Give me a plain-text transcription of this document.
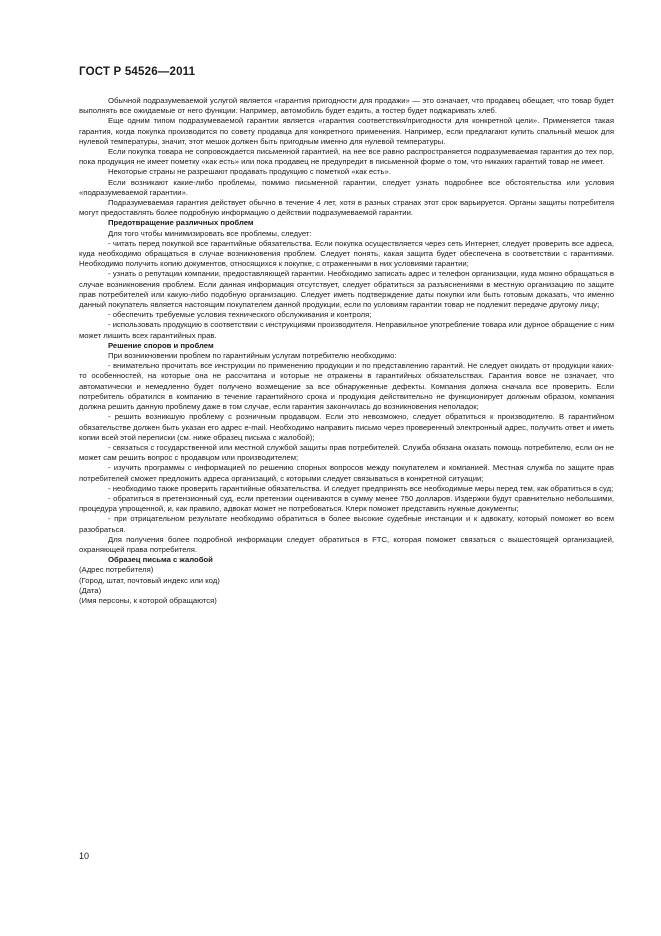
ГОСТ Р 54526—2011

Обычной подразумеваемой услугой является «гарантия пригодности для продажи» — это означает, что продавец обещает, что товар будет выполнять все ожидаемые от него функции. Например, автомобиль будет ездить, а тостер будет поджаривать хлеб.

Еще одним типом подразумеваемой гарантии является «гарантия соответствия/пригодности для конкретной цели». Применяется такая гарантия, когда покупка производится по совету продавца для конкретного применения. Например, если предлагают купить спальный мешок для нулевой температуры, значит, этот мешок должен быть пригодным именно для нулевой температуры.

Если покупка товара не сопровождается письменной гарантией, на нее все равно распространяется подразумеваемая гарантия до тех пор, пока продукция не имеет пометку «как есть» или пока продавец не предупредит в письменной форме о том, что никаких гарантий товар не имеет.

Некоторые страны не разрешают продавать продукцию с пометкой «как есть».

Если возникают какие-либо проблемы, помимо письменной гарантии, следует узнать подробнее все обстоятельства или условия «подразумеваемой гарантии».

Подразумеваемая гарантия действует обычно в течение 4 лет, хотя в разных странах этот срок варьируется. Органы защиты потребителя могут предоставлять более подробную информацию о действии подразумеваемой гарантии.

Предотвращение различных проблем

Для того чтобы минимизировать все проблемы, следует:

- читать перед покупкой все гарантийные обязательства. Если покупка осуществляется через сеть Интернет, следует проверить все адреса, куда необходимо обращаться в случае возникновения проблем. Следует понять, какая защита будет обеспечена в соответствии с гарантиями. Необходимо получить копию документов, относящихся к покупке, с отраженными в них условиями гарантии;

- узнать о репутации компании, предоставляющей гарантии. Необходимо записать адрес и телефон организации, куда можно обращаться в случае возникновения проблем. Если данная информация отсутствует, следует обратиться за разъяснениями в местную организацию по защите прав потребителей или какую-либо подобную организацию. Следует иметь подтверждение даты покупки или быть готовым доказать, что именно данный покупатель является настоящим покупателем данной продукции, если по условиям гарантии товар не подлежит передаче другому лицу;

- обеспечить требуемые условия технического обслуживания и контроля;

- использовать продукцию в соответствии с инструкциями производителя. Неправильное употребление товара или дурное обращение с ним может лишить всех гарантийных прав.

Решение споров и проблем

При возникновении проблем по гарантийным услугам потребителю необходимо:

- внимательно прочитать все инструкции по применению продукции и по представлению гарантий. Не следует ожидать от продукции каких-то особенностей, на которые она не рассчитана и которые не отражены в гарантийных обязательствах. Гарантия вовсе не означает, что автоматически и немедленно будет получено возмещение за все обнаруженные дефекты. Компания должна сначала все проверить. Если потребитель обратился в компанию в течение гарантийного срока и продукция действительно не функционирует должным образом, компания должна решить данную проблему даже в том случае, если гарантия закончилась до возникновения неполадок;

- решить возникшую проблему с розничным продавцом. Если это невозможно, следует обратиться к производителю. В гарантийном обязательстве должен быть указан его адрес e-mail. Необходимо направить письмо через проверенный электронный адрес, получить ответ и иметь копии всей этой переписки (см. ниже образец письма с жалобой);

- связаться с государственной или местной службой защиты прав потребителей. Служба обязана оказать помощь потребителю, если он не может сам решить вопрос с продавцом или производителем;

- изучить программы с информацией по решению спорных вопросов между покупателем и компанией. Местная служба по защите прав потребителей сможет предложить адреса организаций, с которыми следует связываться в конкретной ситуации;

- необходимо также проверить гарантийные обязательства. И следует предпринять все необходимые меры перед тем, как обратиться в суд;

- обратиться в претензионный суд, если претензии оцениваются в сумму менее 750 долларов. Издержки будут сравнительно небольшими, процедура упрощенной, и, как правило, адвокат может не потребоваться. Клерк поможет представить нужные документы;

- при отрицательном результате необходимо обратиться в более высокие судебные инстанции и к адвокату, который поможет во всем разобраться.

Для получения более подробной информации следует обратиться в FTC, которая поможет связаться с вышестоящей организацией, охраняющей права потребителя.

Образец письма с жалобой

(Адрес потребителя)

(Город, штат, почтовый индекс или код)

(Дата)

(Имя персоны, к которой обращаются)

10
